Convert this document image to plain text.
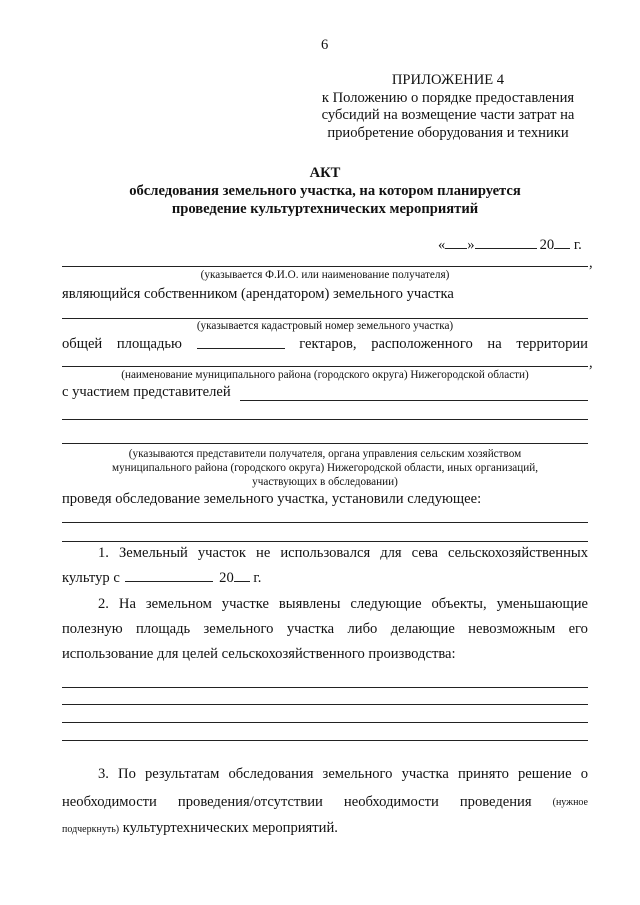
6
ПРИЛОЖЕНИЕ 4
к Положению о порядке предоставления
субсидий на возмещение части затрат на
приобретение оборудования и техники
АКТ
обследования земельного участка, на котором планируется
проведение культуртехнических мероприятий
« »	20 г.
,
(указывается Ф.И.О. или наименование получателя)
являющийся собственником (арендатором) земельного участка
(указывается кадастровый номер земельного участка)
общей площадью	гектаров, расположенного на территории
,
(наименование муниципального района (городского округа) Нижегородской области)
с участием представителей
(указываются представители получателя, органа управления сельским хозяйством
муниципального района (городского округа) Нижегородской области, иных организаций,
участвующих в обследовании)
проведя обследование земельного участка, установили следующее:
1. Земельный участок не использовался для сева сельскохозяйственных
культур с	20 г.
2. На земельном участке выявлены следующие объекты, уменьшающие
полезную площадь земельного участка либо делающие невозможным его
использование для целей сельскохозяйственного производства:
3. По результатам обследования земельного участка принято решение о
необходимости проведения/отсутствии необходимости проведения (нужное
подчеркнуть) культуртехнических мероприятий.
